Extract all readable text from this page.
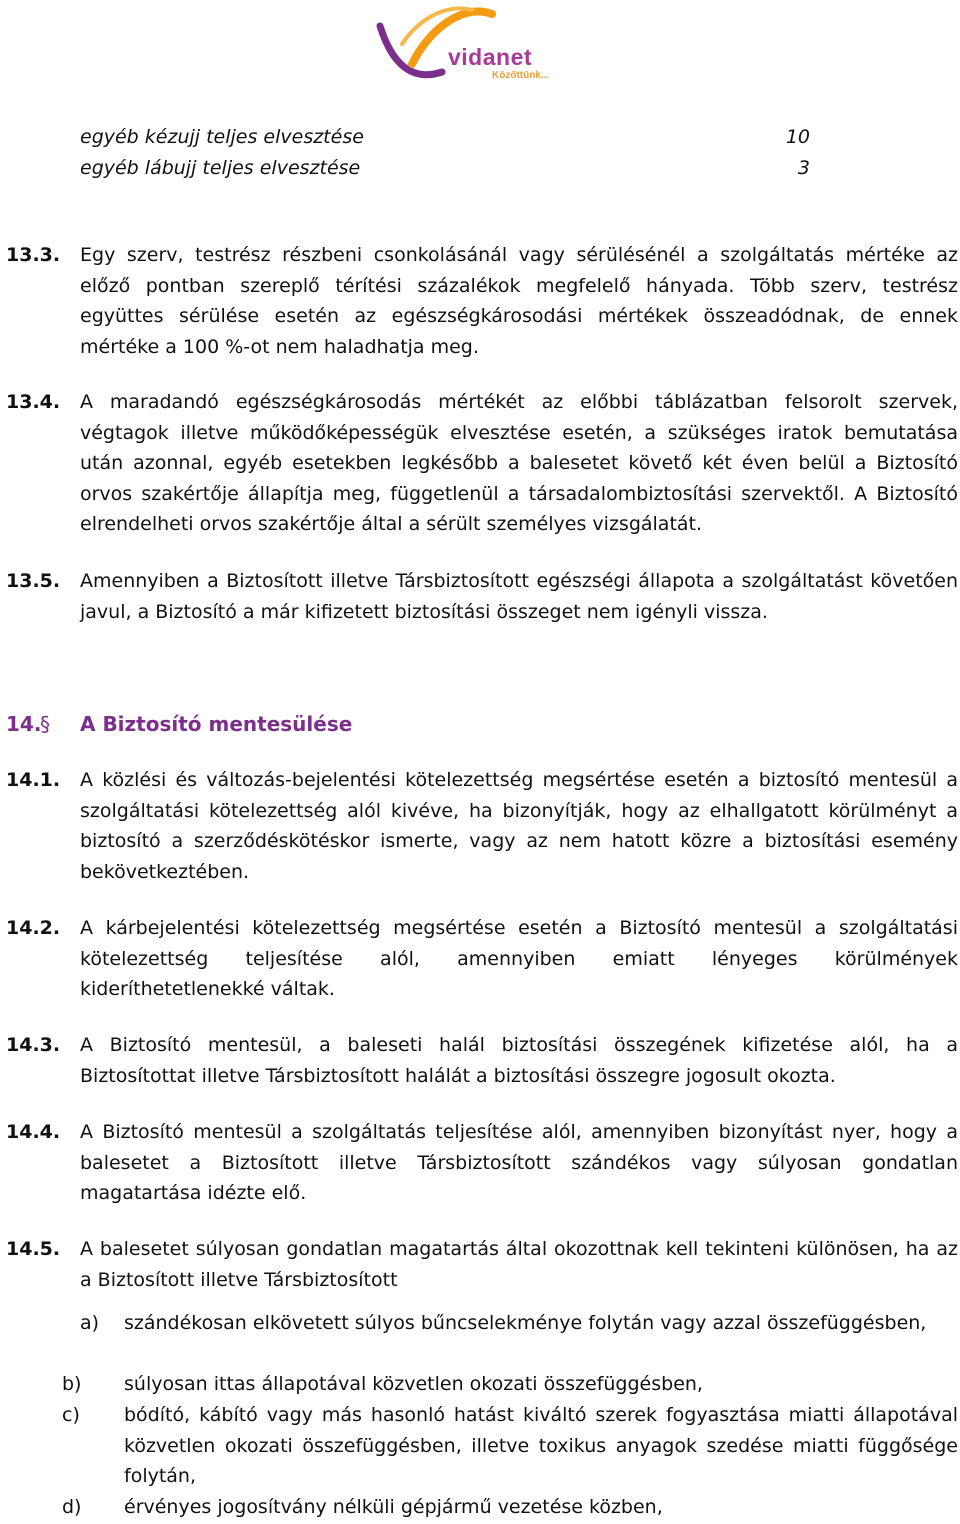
vidanet
Közöttünk...
egyéb kézujj teljes elvesztése	10
egyéb lábujj teljes elvesztése	3
13.3. Egy szerv, testrész részbeni csonkolásánál vagy sérülésénél a szolgáltatás mértéke az előző pontban szereplő térítési százalékok megfelelő hányada. Több szerv, testrész együttes sérülése esetén az egészségkárosodási mértékek összeadódnak, de ennek mértéke a 100 %-ot nem haladhatja meg.
13.4. A maradandó egészségkárosodás mértékét az előbbi táblázatban felsorolt szervek, végtagok illetve működőképességük elvesztése esetén, a szükséges iratok bemutatása után azonnal, egyéb esetekben legkésőbb a balesetet követő két éven belül a Biztosító orvos szakértője állapítja meg, függetlenül a társadalombiztosítási szervektől. A Biztosító elrendelheti orvos szakértője által a sérült személyes vizsgálatát.
13.5. Amennyiben a Biztosított illetve Társbiztosított egészségi állapota a szolgáltatást követően javul, a Biztosító a már kifizetett biztosítási összeget nem igényli vissza.
14.
§ A Biztosító mentesülése
14.1. A közlési és változás-bejelentési kötelezettség megsértése esetén a biztosító mentesül a szolgáltatási kötelezettség alól kivéve, ha bizonyítják, hogy az elhallgatott körülményt a biztosító a szerződéskötéskor ismerte, vagy az nem hatott közre a biztosítási esemény bekövetkeztében.
14.2. A kárbejelentési kötelezettség megsértése esetén a Biztosító mentesül a szolgáltatási kötelezettség teljesítése alól, amennyiben emiatt lényeges körülmények kideríthetetlenekké váltak.
14.3. A Biztosító mentesül, a baleseti halál biztosítási összegének kifizetése alól, ha a Biztosítottat illetve Társbiztosított halálát a biztosítási összegre jogosult okozta.
14.4. A Biztosító mentesül a szolgáltatás teljesítése alól, amennyiben bizonyítást nyer, hogy a balesetet a Biztosított illetve Társbiztosított szándékos vagy súlyosan gondatlan magatartása idézte elő.
14.5. A balesetet súlyosan gondatlan magatartás által okozottnak kell tekinteni különösen, ha az a Biztosított illetve Társbiztosított
a) szándékosan elkövetett súlyos bűncselekménye folytán vagy azzal összefüggésben,
b) súlyosan ittas állapotával közvetlen okozati összefüggésben,
c) bódító, kábító vagy más hasonló hatást kiváltó szerek fogyasztása miatti állapotával közvetlen okozati összefüggésben, illetve toxikus anyagok szedése miatti függősége folytán,
d) érvényes jogosítvány nélküli gépjármű vezetése közben,
